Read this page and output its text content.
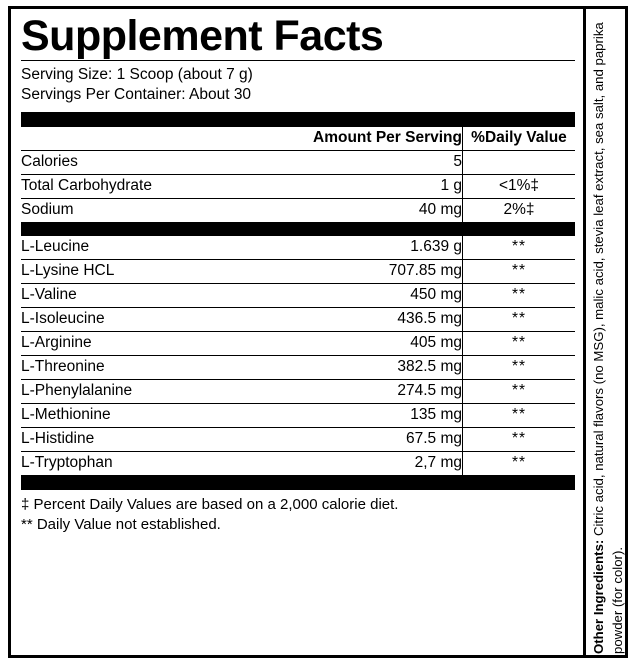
Supplement Facts
Serving Size: 1 Scoop (about 7 g)
Servings Per Container: About 30
	Amount Per Serving	%Daily Value
Calories	5	
Total Carbohydrate	1 g	<1%‡
Sodium	40 mg	2%‡
L-Leucine	1.639 g	**
L-Lysine HCL	707.85 mg	**
L-Valine	450 mg	**
L-Isoleucine	436.5 mg	**
L-Arginine	405 mg	**
L-Threonine	382.5 mg	**
L-Phenylalanine	274.5 mg	**
L-Methionine	135 mg	**
L-Histidine	67.5 mg	**
L-Tryptophan	2,7 mg	**
‡ Percent Daily Values are based on a 2,000 calorie diet.
** Daily Value not established.
Other Ingredients: Citric acid, natural flavors (no MSG), malic acid, stevia leaf extract, sea salt, and paprika powder (for color).
